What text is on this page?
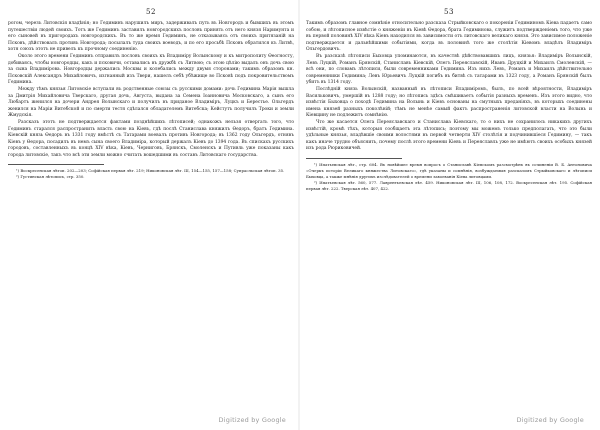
52

рогом, черезъ Литовскія владѣнія; но Гедиминъ нарушилъ миръ, задерживалъ путь въ Новгородъ и бывшихъ въ этомъ путешествіи людей своихъ. Тотъ же Гедиминъ заставилъ новгородскихъ пословъ принять отъ него князя Наримунта и его сыновей въ пригородахъ новгородскихъ. Въ то же время Гедиминъ, не отказываясь отъ своихъ притязаній на Псковъ, дѣйствовалъ противъ Новгорода; посылалъ туда своихъ воеводъ, и по его просьбѣ Псковъ обратился къ Литвѣ, хотя союзъ этотъ не привелъ къ прочному соединенію.

Около этого времени Гедиминъ отправилъ пословъ своихъ къ Владиміру Волынскому и къ митрополиту Ѳеогносту, добиваясь, чтобы новгородцы, какъ и псковичи, оставались въ дружбѣ съ Литвою; съ этою цѣлію выдалъ онъ дочь свою за сына Владимірова. Новгородцы держались Москвы и колебались между двумя сторонами; такимъ образомъ кн. Псковскій Александръ Михайловичъ, изгнанный изъ Твери, нашелъ себѣ убѣжище во Псковѣ подъ покровительствомъ Гедимина.

Между тѣмъ князья Литовскіе вступали въ родственные союзы съ русскими домами: дочь Гедимина Марія вышла за Дмитрія Михайловича Тверскаго, другая дочь, Августа, выдана за Семена Іоанновича Московскаго, а сынъ его Любартъ женился на дочери Андрея Волынскаго и получилъ въ приданое Владиміръ, Луцкъ и Берестье. Ольгердъ женился на Маріи Витебской и по смерти тестя сдѣлался обладателемъ Витебска; Кейстутъ получилъ Троки и земли Жмудскія.

Разсказъ этотъ не подтверждается фактами позднѣйшихъ лѣтописей; однакожъ нельзя отвергать того, что Гедиминъ старался распространить власть свою на Кіевъ, гдѣ послѣ Станислава княжилъ Ѳедоръ, братъ Гедимина. Кіевскій князь Ѳедоръ въ 1331 году вмѣстѣ съ Татарами воевалъ противъ Новгорода; въ 1362 году Ольгердъ, отнявъ Кіевъ у Ѳедора, посадилъ въ немъ сына своего Владиміра, который держалъ Кіевъ до 1394 года. Въ спискахъ русскихъ городовъ, составленныхъ въ концѣ XIV вѣка, Кіевъ, Черниговъ, Брянскъ, Смоленскъ и Путивль уже показаны какъ города литовскіе, такъ что всѣ эти земли можно считать вошедшими въ составъ Литовскаго государства.

¹) Воскресенская лѣтоп. 202—203; Софійская первая лѣт. 219; Никоновская лѣт. III, 154—155, 157—158; Супрасльская лѣтоп. 35.

²) Густинская лѣтопись, стр. 350.

Digitized by Google
53

Такимъ образомъ главное сомнѣніе относительно разсказа Стрыйковскаго о покореніи Гедиминомъ Кіева падаетъ само собою, и лѣтописное извѣстіе о княженіи въ Кіевѣ Ѳедора, брата Гедиминова, служитъ подтвержденіемъ того, что уже въ первой половинѣ XIV вѣка Кіевъ находился въ зависимости отъ литовскаго великаго князя. Это зависимое положеніе подтверждается и дальнѣйшими событіями, когда въ половинѣ того же столѣтія Кіевомъ владѣлъ Владиміръ Ольгердовичъ.

Въ разсказѣ лѣтописи Быховца упоминаются, въ качествѣ дѣйствовавшихъ лицъ, князья: Владиміръ Волынскій, Левъ Луцкій, Романъ Брянскій, Станиславъ Кіевскій, Олегъ Переяславскій, Иванъ Друцкій и Михаилъ Смоленскій, — всѣ они, по словамъ лѣтописи, были современниками Гедимина. Изъ нихъ Левъ, Романъ и Михаилъ дѣйствительно современники Гедимина; Левъ Юрьевичъ Луцкій погибъ въ битвѣ съ татарами въ 1323 году, а Романъ Брянскій былъ убитъ въ 1314 году.

Послѣдній князь Волынскій, названный въ лѣтописи Владиміромъ, былъ, по всей вѣроятности, Владиміръ Васильковичъ, умершій въ 1288 году; но лѣтопись здѣсь смѣшиваетъ событія разныхъ временъ. Изъ этого видно, что извѣстія Быховца о походѣ Гедимина на Волынь и Кіевъ основаны на смутныхъ преданіяхъ, въ которыхъ соединены имена князей разныхъ поколѣній; тѣмъ не менѣе самый фактъ распространенія литовской власти на Волынь и Кіевщину не подлежитъ сомнѣнію.

Что же касается Олега Переяславскаго и Станислава Кіевскаго, то о нихъ не сохранилось никакихъ другихъ извѣстій, кромѣ тѣхъ, которыя сообщаетъ эта лѣтопись; поэтому мы можемъ только предполагать, что это были удѣльные князья, владѣвшіе своими волостями въ первой четверти XIV столѣтія и подчинившіеся Гедимину, — такъ какъ иначе трудно объяснить, почему послѣ этого времени Кіевъ и Переяславль уже не имѣютъ своихъ особыхъ князей изъ рода Рюриковичей.

¹) Ипатьевская лѣт., стр. 604. Въ новѣйшее время вопросъ о Станиславѣ Кіевскомъ разсмотрѣнъ въ сочиненіи В. Б. Антоновича «Очеркъ исторіи Великаго княжества Литовскаго», гдѣ указаны и сомнѣнія, возбуждаемыя разсказомъ Стрыйковскаго и лѣтописи Быховца, а также мнѣнія другихъ изслѣдователей о времени завоеванія Кіева литовцами.

²) Ипатьевская лѣт. 560, 577. Лаврентьевская лѣт. 459. Никоновская лѣт. III, 106, 108, 172. Воскресенская лѣт. 195. Софійская первая лѣт. 222. Тверская лѣт. 407, 422.

Digitized by Google
